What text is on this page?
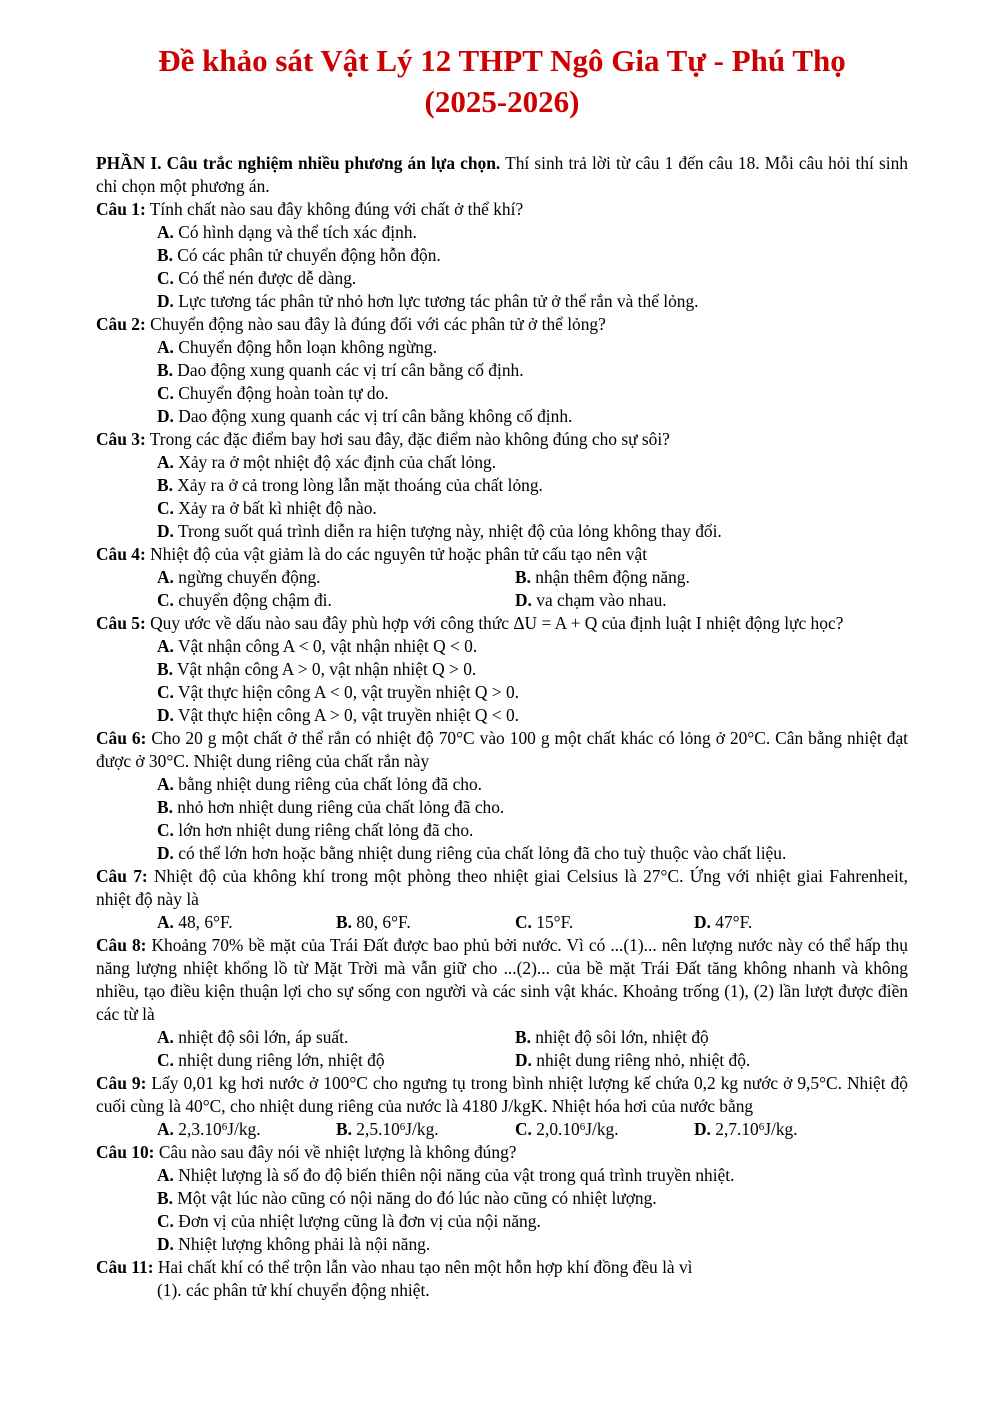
Đề khảo sát Vật Lý 12 THPT Ngô Gia Tự - Phú Thọ
(2025-2026)

PHẦN I. Câu trắc nghiệm nhiều phương án lựa chọn. Thí sinh trả lời từ câu 1 đến câu 18. Mỗi câu hỏi thí sinh chỉ chọn một phương án.

Câu 1: Tính chất nào sau đây không đúng với chất ở thể khí?

A. Có hình dạng và thể tích xác định.
B. Có các phân tử chuyển động hỗn độn.
C. Có thể nén được dễ dàng.
D. Lực tương tác phân tử nhỏ hơn lực tương tác phân tử ở thể rắn và thể lỏng.

Câu 2: Chuyển động nào sau đây là đúng đối với các phân tử ở thể lỏng?

A. Chuyển động hỗn loạn không ngừng.
B. Dao động xung quanh các vị trí cân bằng cố định.
C. Chuyển động hoàn toàn tự do.
D. Dao động xung quanh các vị trí cân bằng không cố định.

Câu 3: Trong các đặc điểm bay hơi sau đây, đặc điểm nào không đúng cho sự sôi?

A. Xảy ra ở một nhiệt độ xác định của chất lỏng.
B. Xảy ra ở cả trong lòng lẫn mặt thoáng của chất lỏng.
C. Xảy ra ở bất kì nhiệt độ nào.
D. Trong suốt quá trình diễn ra hiện tượng này, nhiệt độ của lỏng không thay đổi.

Câu 4: Nhiệt độ của vật giảm là do các nguyên tử hoặc phân tử cấu tạo nên vật

A. ngừng chuyển động.	B. nhận thêm động năng.
C. chuyển động chậm đi.	D. va chạm vào nhau.

Câu 5: Quy ước về dấu nào sau đây phù hợp với công thức ΔU = A + Q của định luật I nhiệt động lực học?

A. Vật nhận công A < 0, vật nhận nhiệt Q < 0.
B. Vật nhận công A > 0, vật nhận nhiệt Q > 0.
C. Vật thực hiện công A < 0, vật truyền nhiệt Q > 0.
D. Vật thực hiện công A > 0, vật truyền nhiệt Q < 0.

Câu 6: Cho 20 g một chất ở thể rắn có nhiệt độ 70°C vào 100 g một chất khác có lỏng ở 20°C. Cân bằng nhiệt đạt được ở 30°C. Nhiệt dung riêng của chất rắn này

A. bằng nhiệt dung riêng của chất lỏng đã cho.
B. nhỏ hơn nhiệt dung riêng của chất lỏng đã cho.
C. lớn hơn nhiệt dung riêng chất lỏng đã cho.
D. có thể lớn hơn hoặc bằng nhiệt dung riêng của chất lỏng đã cho tuỳ thuộc vào chất liệu.

Câu 7: Nhiệt độ của không khí trong một phòng theo nhiệt giai Celsius là 27°C. Ứng với nhiệt giai Fahrenheit, nhiệt độ này là

A. 48, 6°F.	B. 80, 6°F.	C. 15°F.	D. 47°F.

Câu 8: Khoảng 70% bề mặt của Trái Đất được bao phủ bởi nước. Vì có ...(1)... nên lượng nước này có thể hấp thụ năng lượng nhiệt khổng lồ từ Mặt Trời mà vẫn giữ cho ...(2)... của bề mặt Trái Đất tăng không nhanh và không nhiều, tạo điều kiện thuận lợi cho sự sống con người và các sinh vật khác. Khoảng trống (1), (2) lần lượt được điền các từ là

A. nhiệt độ sôi lớn, áp suất.	B. nhiệt độ sôi lớn, nhiệt độ
C. nhiệt dung riêng lớn, nhiệt độ	D. nhiệt dung riêng nhỏ, nhiệt độ.

Câu 9: Lấy 0,01 kg hơi nước ở 100°C cho ngưng tụ trong bình nhiệt lượng kế chứa 0,2 kg nước ở 9,5°C. Nhiệt độ cuối cùng là 40°C, cho nhiệt dung riêng của nước là 4180 J/kgK. Nhiệt hóa hơi của nước bằng

A. 2,3.10$^6$J/kg.	B. 2,5.10$^6$J/kg.	C. 2,0.10$^6$J/kg.	D. 2,7.10$^6$J/kg.

Câu 10: Câu nào sau đây nói về nhiệt lượng là không đúng?

A. Nhiệt lượng là số đo độ biến thiên nội năng của vật trong quá trình truyền nhiệt.
B. Một vật lúc nào cũng có nội năng do đó lúc nào cũng có nhiệt lượng.
C. Đơn vị của nhiệt lượng cũng là đơn vị của nội năng.
D. Nhiệt lượng không phải là nội năng.

Câu 11: Hai chất khí có thể trộn lẫn vào nhau tạo nên một hỗn hợp khí đồng đều là vì

(1). các phân tử khí chuyển động nhiệt.
